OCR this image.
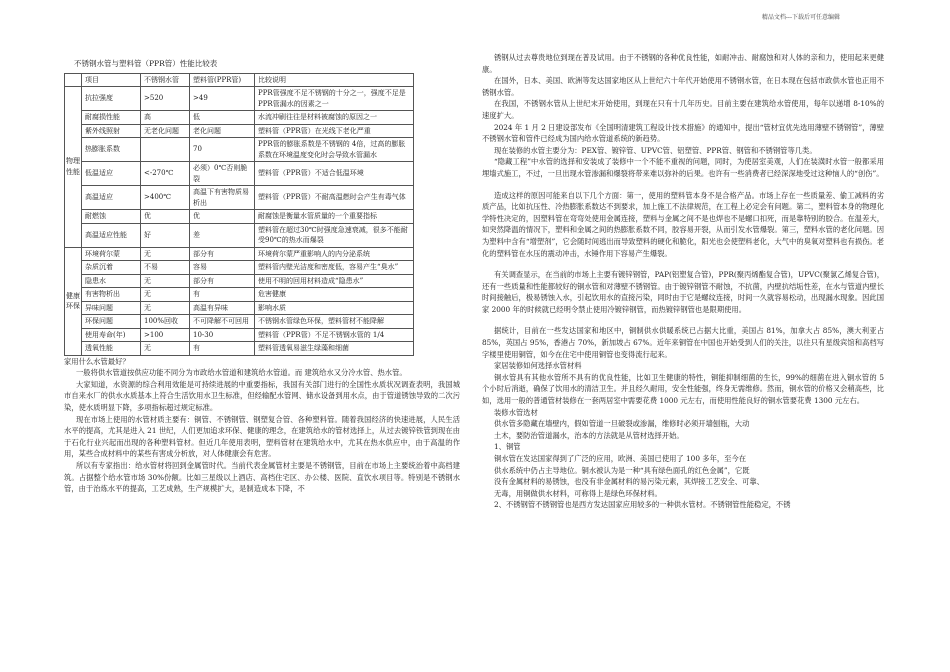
精品文档---下载后可任意编辑
不锈钢水管与塑料管（PPR管）性能比较表
	项目	不锈钢水管	塑料管(PPR管)	比较说明
物理性能	抗拉强度	>520	>49	PPR管强度不足不锈钢的十分之一，强度不足是PPR管漏水的因素之一
	耐腐损性能	高	低	水流冲刷往往是材料被腐蚀的原因之一
	紫外线照射	无老化问题	老化问题	塑料管（PPR管）在光线下老化严重
	热膨胀系数		70	PPR管的膨胀系数是不锈钢的 4倍，过高的膨胀系数在环境温度变化时会导致水管漏水
	低温适应	<-270℃	必须）0℃否则脆裂	塑料管（PPR管）不适合低温环境
	高温适应	>400℃	高温下有害物质易析出	塑料管（PPR管）不耐高温燃时会产生有毒气体
	耐燃蚀	优	优	耐腐蚀是衡量水管质量的一个重要指标
	高温适应性能	好	差	塑料管在超过30℃时强度急速衰减，很多不能耐受90℃的热水而爆裂
健康环保	环境荷尔蒙	无	部分有	环境荷尔蒙严重影响人的内分泌系统
	杂质沉着	不易	容易	塑料管内壁光洁度和密度低，容易产生“臭水”
	隐患水	无	部分有	使用不明的回用材料造成“隐患水”
	有害物析出	无	有	危害健康
	异味问题	无	高温有异味	影响水质
	环保问题	100%回收	不可降解不可回用	不锈钢水管绿色环保，塑料管材不能降解
	使用寿命(年)	>100	10-30	塑料管（PPR管）不足不锈钢水管的 1/4
	透氧性能	无	有	塑料管透氧易滋生绿藻和细菌

家用什么水管最好？

一般将供水管道按供应功能不同分为市政给水管道和建筑给水管道。而 建筑给水又分冷水管、热水管。

大家知道，水资源的综合利用效能是可持续进展的中重要指标，我国有关部门进行的全国性水质状况调查表明，我国城市自来水厂的供水水质基本上符合生活饮用水卫生标准，但经输配水管网、储水设备到用水点，由于管道锈蚀导致的二次污染，使水质明显下降，多项指标超过规定标准。

现在市场上使用的水管材质主要有：铜管、不锈钢管、钢塑复合管、各种塑料管。随着我国经济的快速进展，人民生活水平的提高，尤其是进入 21 世纪，人们更加追求环保、健康的理念，在建筑给水的管材选择上，从过去镀锌铁管到现在由于石化行业兴起而出现的各种塑料管材。但近几年使用表明，塑料管材在建筑给水中，尤其在热水供应中，由于高温的作用，某些合成材料中的某些有害成分析放，对人体健康会有危害。

所以有专家指出：给水管材将回到金属管时代。当前代表金属管材主要是不锈钢管，目前在市场上主要统治着中高档建筑。占据整个给水管市场 30%份额。比如三星级以上酒店、高档住宅区、办公楼、医院、直饮水项目等。特别是不锈钢水管，由于治炼水平的提高，工艺成熟，生产规模扩大，是制造成本下降，不

锈钢从过去尊贵地位到现在普及试用。由于不锈钢的各种优良性能，如耐冲击、耐腐蚀和对人体的亲和力，使用起来更健康。

在国外，日本、美国、欧洲等发达国家地区从上世纪六十年代开始使用不锈钢水管，在日本现在包括市政供水管也正用不锈钢水管。

在我国，不锈钢水管从上世纪末开始使用，到现在只有十几年历史。目前主要在建筑给水管使用，每年以递增 8-10%的速度扩大。

2024 年 1 月 2 日建设部发布《全国明清建筑工程设计技术措施》的通知中，提出“管材宜优先选用薄壁不锈钢管”，薄壁不锈钢水管和管件已经成为国内给水管道系统的新趋势。

现在装修的水管主要分为：PEX管、镀锌管、UPVC管、铝塑管、PPR管、钢管和不锈钢管等几类。

“隐藏工程”中水管的选择和安装成了装修中一个不能不重视的问题，同时，为使居室美观，人们在装潢时水管一般都采用埋墙式施工，不过，一旦出现水管渗漏和爆裂将带来难以弥补的后果。也许有一些消费者已经深深地受过这种恼人的“创伤”。

造成这样的原因可能来自以下几个方面：第一，使用的塑料管本身不是合格产品。市场上存在一些质量差、偷工减料的劣质产品，比如抗压性、冷热膨胀系数达不到要求，加上施工不法律规范，在工程上必定会有问题。第二，塑料管本身的物理化学特性决定的，因塑料管在弯弯处使用金属连接，塑料与金属之间不是也焊也不是螺口扣死，而是靠特别的胶合。在温差大，如突然降温的情况下，塑料和金属之间的热膨胀系数不同，胶容易开裂，从而引发水管爆裂。第三，塑料水管的老化问题。因为塑料中含有“增塑剂”，它会随时间逃出而导致塑料的硬化和脆化，阳光也会使塑料老化，大气中的臭氧对塑料也有损伤。老化的塑料管在水压的震动冲击，水锤作用下容易产生爆裂。

有关调查显示，在当前的市场上主要有镀锌钢管，PAP(铝塑复合管)，PPR(聚丙烯酯复合管)，UPVC(聚氯乙烯复合管)，还有一些质量和性能都较好的铜水管和对薄壁不锈钢管。由于镀锌钢管不耐蚀，不抗菌，内壁抗结垢性差，在水与管道内壁长时间接触后，极易锈蚀入水，引起饮用水的直接污染，同时由于它是螺纹连接，时间一久就容易松动，出现漏水现象。因此国家 2000 年的时候就已经明令禁止使用冷镀锌钢管，而热镀锌钢管也是限期使用。

据统计，目前在一些发达国家和地区中，铜制供水供暖系统已占据大比重，美国占 81%，加拿大占 85%，澳大利亚占 85%，英国占 95%，香港占 70%，新加坡占 67%。近年来铜管在中国也开始受到人们的关注，以往只有星级宾馆和高档写字楼里使用铜管，如今在住宅中使用铜管也变得流行起来。

家居装修如何选择水管材料

铜水管具有其他水管所不具有的优良性能，比如卫生健康的特性，铜能抑制细菌的生长，99%的细菌在进入铜水管的 5 个小时后消逝，确保了饮用水的清洁卫生。并且经久耐用，安全性能强，终身无需维修。然而，铜水管的价格又会稍高些，比如，选用一般的普通管材装修在一套两居室中需要花费 1000 元左右，而使用性能良好的铜水管要花费 1300 元左右。

装修水管选材

供水管多隐藏在墙壁内，假如管道一旦破裂或渗漏，维修时必须开墙刨瓶，大动

土木，要防治管道漏水，治本的方法就是从管材选择开始。

1、铜管

铜水管在发达国家得到了广泛的应用，欧洲、美国已使用了 100 多年，至今在

供水系统中仍占主导地位。铜水被认为是一种“具有绿色面孔的红色金属”，它既

没有金属材料的易锈蚀，也没有非金属材料的易污染元素，其焊接工艺安全、可靠、

无毒，用铜做供水材料，可称得上是绿色环保材料。

2、不锈钢管不锈钢管也是西方发达国家应用较多的一种供水管材。不锈钢管性能稳定，不锈
